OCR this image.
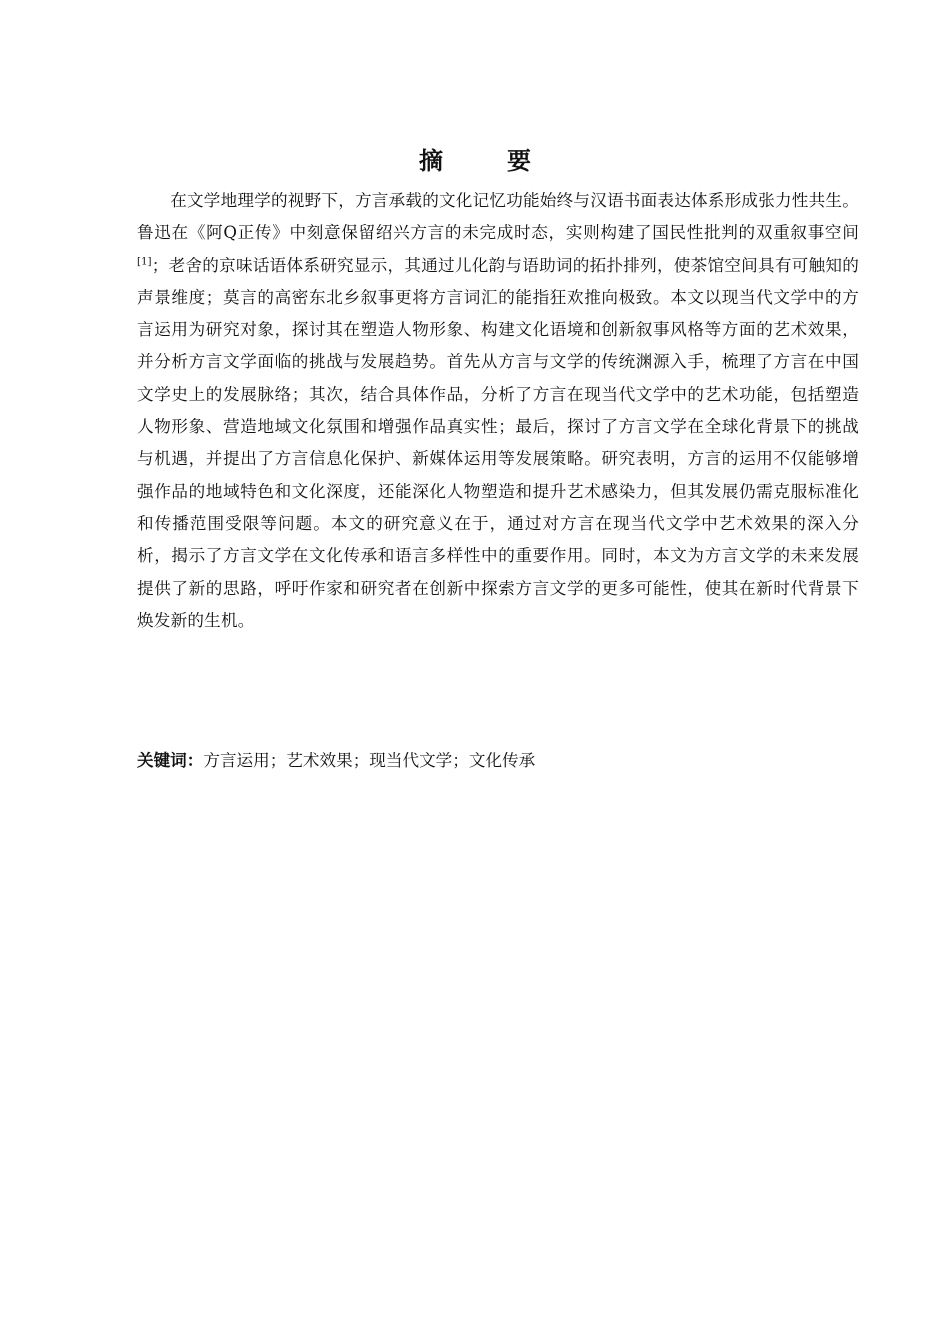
摘　要

在文学地理学的视野下，方言承载的文化记忆功能始终与汉语书面表达体系形成张力性共生。鲁迅在《阿Q正传》中刻意保留绍兴方言的未完成时态，实则构建了国民性批判的双重叙事空间[1]；老舍的京味话语体系研究显示，其通过儿化韵与语助词的拓扑排列，使茶馆空间具有可触知的声景维度；莫言的高密东北乡叙事更将方言词汇的能指狂欢推向极致。本文以现当代文学中的方言运用为研究对象，探讨其在塑造人物形象、构建文化语境和创新叙事风格等方面的艺术效果，并分析方言文学面临的挑战与发展趋势。首先从方言与文学的传统渊源入手，梳理了方言在中国文学史上的发展脉络；其次，结合具体作品，分析了方言在现当代文学中的艺术功能，包括塑造人物形象、营造地域文化氛围和增强作品真实性；最后，探讨了方言文学在全球化背景下的挑战与机遇，并提出了方言信息化保护、新媒体运用等发展策略。研究表明，方言的运用不仅能够增强作品的地域特色和文化深度，还能深化人物塑造和提升艺术感染力，但其发展仍需克服标准化和传播范围受限等问题。本文的研究意义在于，通过对方言在现当代文学中艺术效果的深入分析，揭示了方言文学在文化传承和语言多样性中的重要作用。同时，本文为方言文学的未来发展提供了新的思路，呼吁作家和研究者在创新中探索方言文学的更多可能性，使其在新时代背景下焕发新的生机。

关键词：方言运用；艺术效果；现当代文学；文化传承
